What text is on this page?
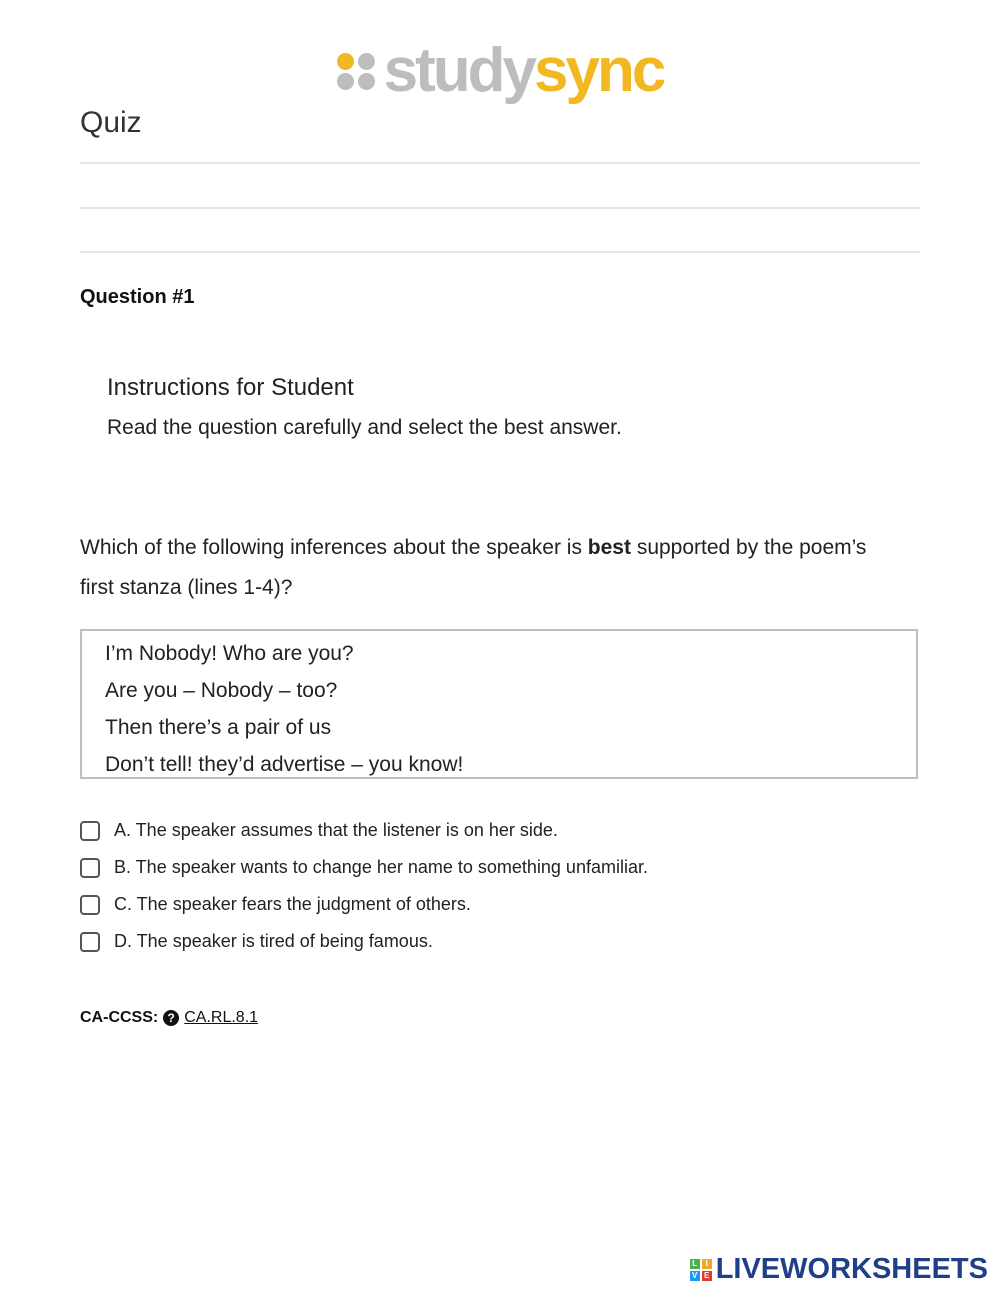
studysync
Quiz
Question #1
Instructions for Student
Read the question carefully and select the best answer.

Which of the following inferences about the speaker is best supported by the poem’s first stanza (lines 1-4)?

I’m Nobody! Who are you?
Are you – Nobody – too?
Then there’s a pair of us
Don’t tell! they’d advertise – you know!
A. The speaker assumes that the listener is on her side.
B. The speaker wants to change her name to something unfamiliar.
C. The speaker fears the judgment of others.
D. The speaker is tired of being famous.
CA-CCSS: ? CA.RL.8.1
L	I
V E LIVEWORKSHEETS
